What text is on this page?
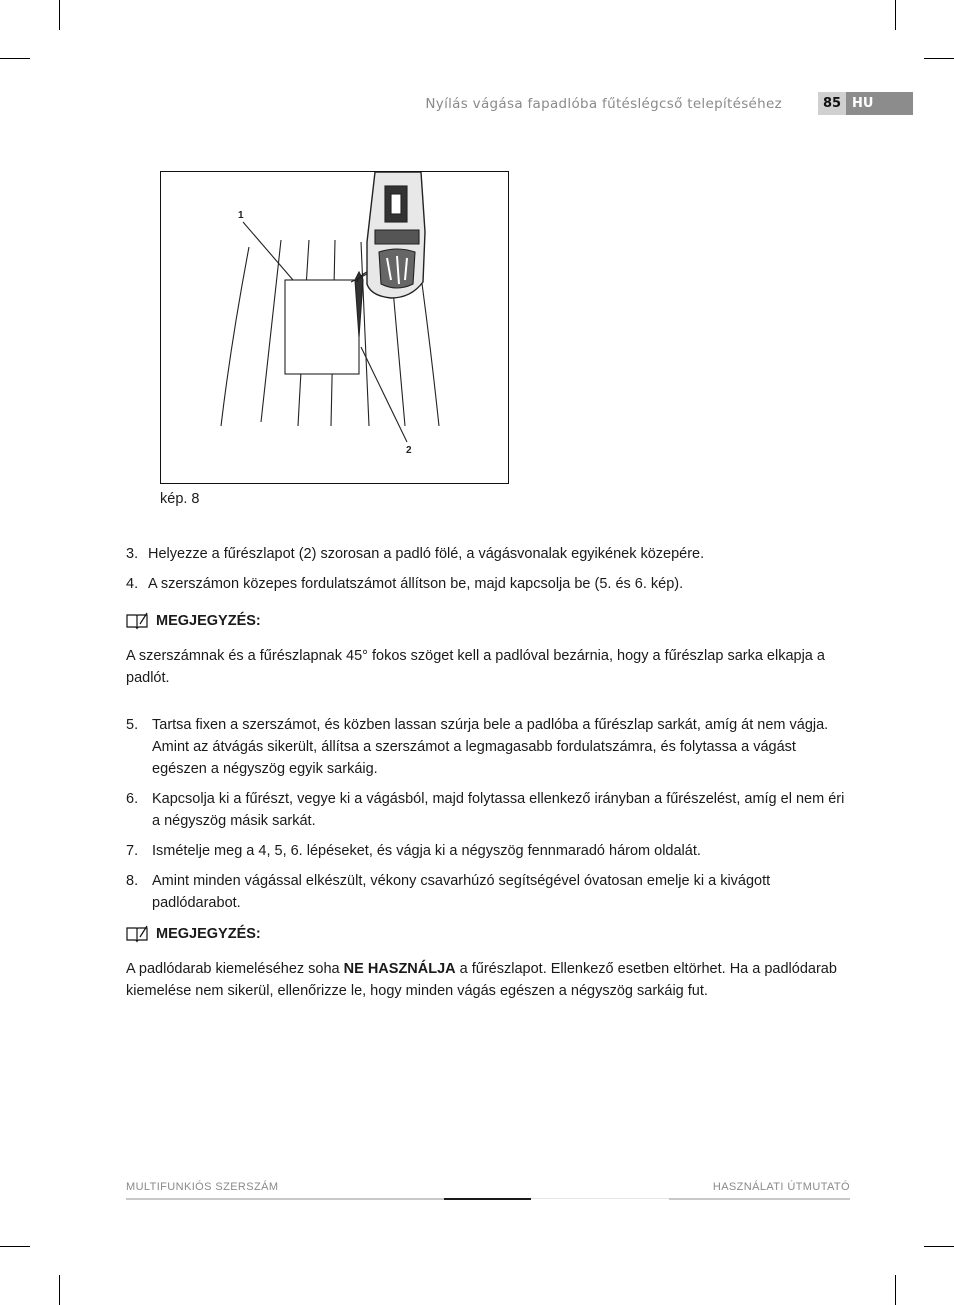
Nyílás vágása fapadlóba fűtéslégcső telepítéséhez	85 HU
1
2
kép. 8
3. Helyezze a fűrészlapot (2) szorosan a padló fölé, a vágásvonalak egyikének közepére.
4. A szerszámon közepes fordulatszámot állítson be, majd kapcsolja be (5. és 6. kép).
MEGJEGYZÉS:
A szerszámnak és a fűrészlapnak 45° fokos szöget kell a padlóval bezárnia, hogy a fűrészlap sarka elkapja a padlót.
5. Tartsa fixen a szerszámot, és közben lassan szúrja bele a padlóba a fűrészlap sarkát, amíg át nem vágja. Amint az átvágás sikerült, állítsa a szerszámot a legmagasabb fordulatszámra, és folytassa a vágást egészen a négyszög egyik sarkáig.
6. Kapcsolja ki a fűrészt, vegye ki a vágásból, majd folytassa ellenkező irányban a fűrészelést, amíg el nem éri a négyszög másik sarkát.
7. Ismételje meg a 4, 5, 6. lépéseket, és vágja ki a négyszög fennmaradó három oldalát.
8. Amint minden vágással elkészült, vékony csavarhúzó segítségével óvatosan emelje ki a kivágott padlódarabot.
MEGJEGYZÉS:
A padlódarab kiemeléséhez soha NE HASZNÁLJA a fűrészlapot. Ellenkező esetben eltörhet. Ha a padlódarab kiemelése nem sikerül, ellenőrizze le, hogy minden vágás egészen a négyszög sarkáig fut.
MULTIFUNKIÓS SZERSZÁM	HASZNÁLATI ÚTMUTATÓ
